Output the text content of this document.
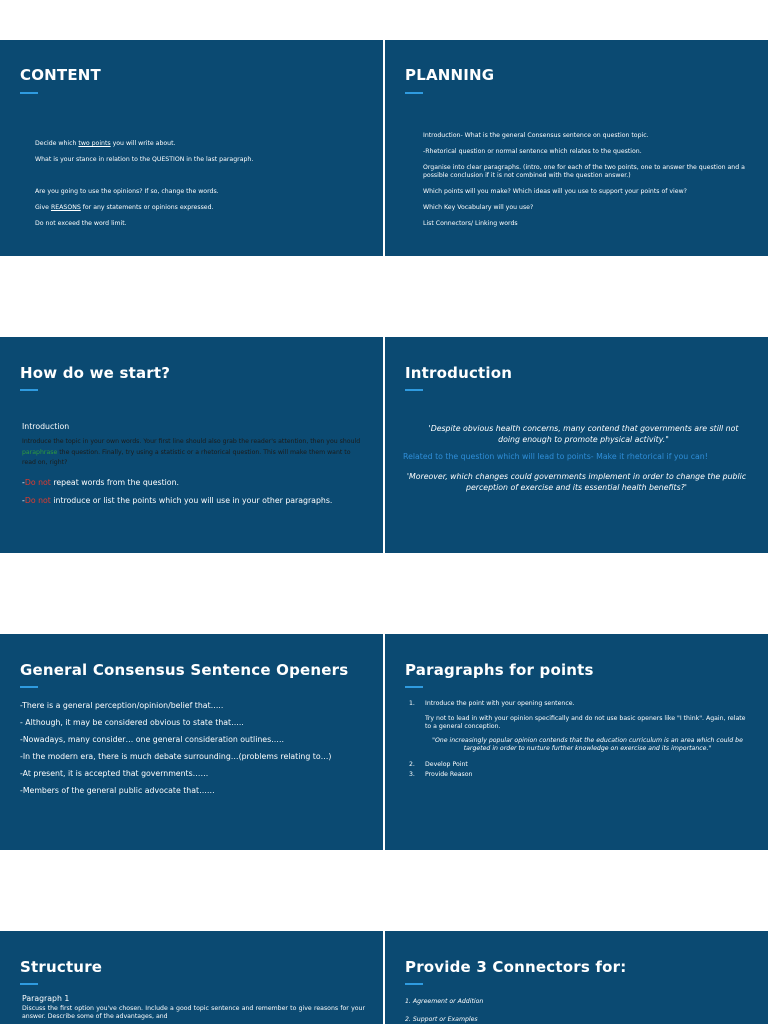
CONTENT
Decide which two points you will write about.
What is your stance in relation to the QUESTION in the last paragraph.
Are you going to use the opinions? If so, change the words.
Give REASONS for any statements or opinions expressed.
Do not exceed the word limit.
PLANNING
Introduction- What is the general Consensus sentence on question topic.
-Rhetorical question or normal sentence which relates to the question.
Organise into clear paragraphs. (intro, one for each of the two points, one to answer the question and a possible conclusion if it is not combined with the question answer.)
Which points will you make? Which ideas will you use to support your points of view?
Which Key Vocabulary will you use?
List Connectors/ Linking words
How do we start?
Introduction
Introduce the topic in your own words. Your first line should also grab the reader's attention, then you should paraphrase the question. Finally, try using a statistic or a rhetorical question. This will make them want to read on, right?
-Do not repeat words from the question.
-Do not introduce or list the points which you will use in your other paragraphs.
Introduction
'Despite obvious health concerns, many contend that governments are still not doing enough to promote physical activity."
Related to the question which will lead to points- Make it rhetorical if you can!
'Moreover, which changes could governments implement in order to change the public perception of exercise and its essential health benefits?'
General Consensus Sentence Openers
-There is a general perception/opinion/belief that…..
- Although, it may be considered obvious to state that…..
-Nowadays, many consider… one general consideration outlines…..
-In the modern era, there is much debate surrounding…(problems relating to…)
-At present, it is accepted that governments……
-Members of the general public advocate that……
Paragraphs for points
1.	Introduce the point with your opening sentence.
Try not to lead in with your opinion specifically and do not use basic openers like "I think". Again, relate to a general conception.
"One increasingly popular opinion contends that the education curriculum is an area which could be targeted in order to nurture further knowledge on exercise and its importance."
2.	Develop Point
3.	Provide Reason
Structure
Paragraph 1
Discuss the first option you've chosen. Include a good topic sentence and remember to give reasons for your answer. Describe some of the advantages, and
Provide 3 Connectors for:
1. Agreement or Addition
2. Support or Examples
